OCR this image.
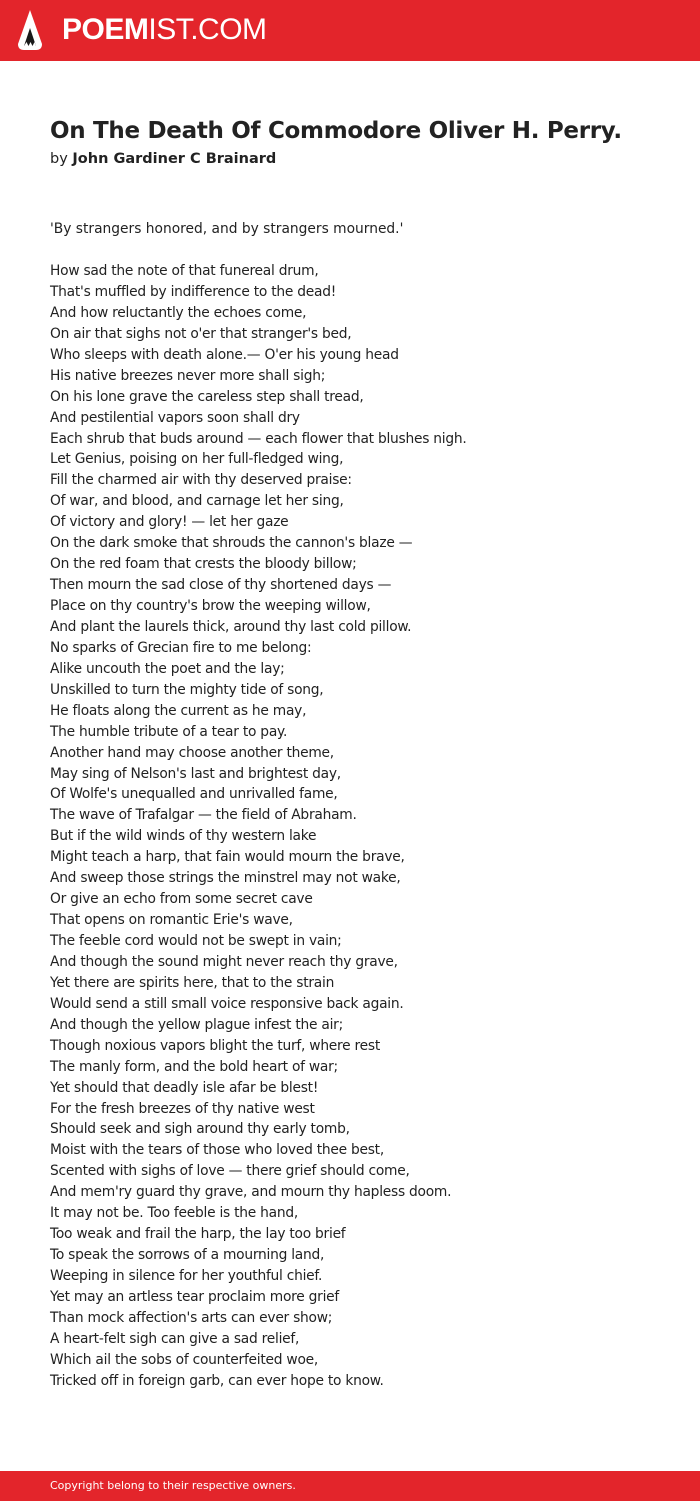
POEMIST.COM
On The Death Of Commodore Oliver H. Perry.
by John Gardiner C Brainard

'By strangers honored, and by strangers mourned.'

How sad the note of that funereal drum,
That's muffled by indifference to the dead!
And how reluctantly the echoes come,
On air that sighs not o'er that stranger's bed,
Who sleeps with death alone.— O'er his young head
His native breezes never more shall sigh;
On his lone grave the careless step shall tread,
And pestilential vapors soon shall dry
Each shrub that buds around — each flower that blushes nigh.
Let Genius, poising on her full-fledged wing,
Fill the charmed air with thy deserved praise:
Of war, and blood, and carnage let her sing,
Of victory and glory! — let her gaze
On the dark smoke that shrouds the cannon's blaze —
On the red foam that crests the bloody billow;
Then mourn the sad close of thy shortened days —
Place on thy country's brow the weeping willow,
And plant the laurels thick, around thy last cold pillow.
No sparks of Grecian fire to me belong:
Alike uncouth the poet and the lay;
Unskilled to turn the mighty tide of song,
He floats along the current as he may,
The humble tribute of a tear to pay.
Another hand may choose another theme,
May sing of Nelson's last and brightest day,
Of Wolfe's unequalled and unrivalled fame,
The wave of Trafalgar — the field of Abraham.
But if the wild winds of thy western lake
Might teach a harp, that fain would mourn the brave,
And sweep those strings the minstrel may not wake,
Or give an echo from some secret cave
That opens on romantic Erie's wave,
The feeble cord would not be swept in vain;
And though the sound might never reach thy grave,
Yet there are spirits here, that to the strain
Would send a still small voice responsive back again.
And though the yellow plague infest the air;
Though noxious vapors blight the turf, where rest
The manly form, and the bold heart of war;
Yet should that deadly isle afar be blest!
For the fresh breezes of thy native west
Should seek and sigh around thy early tomb,
Moist with the tears of those who loved thee best,
Scented with sighs of love — there grief should come,
And mem'ry guard thy grave, and mourn thy hapless doom.
It may not be. Too feeble is the hand,
Too weak and frail the harp, the lay too brief
To speak the sorrows of a mourning land,
Weeping in silence for her youthful chief.
Yet may an artless tear proclaim more grief
Than mock affection's arts can ever show;
A heart-felt sigh can give a sad relief,
Which ail the sobs of counterfeited woe,
Tricked off in foreign garb, can ever hope to know.
Copyright belong to their respective owners.
